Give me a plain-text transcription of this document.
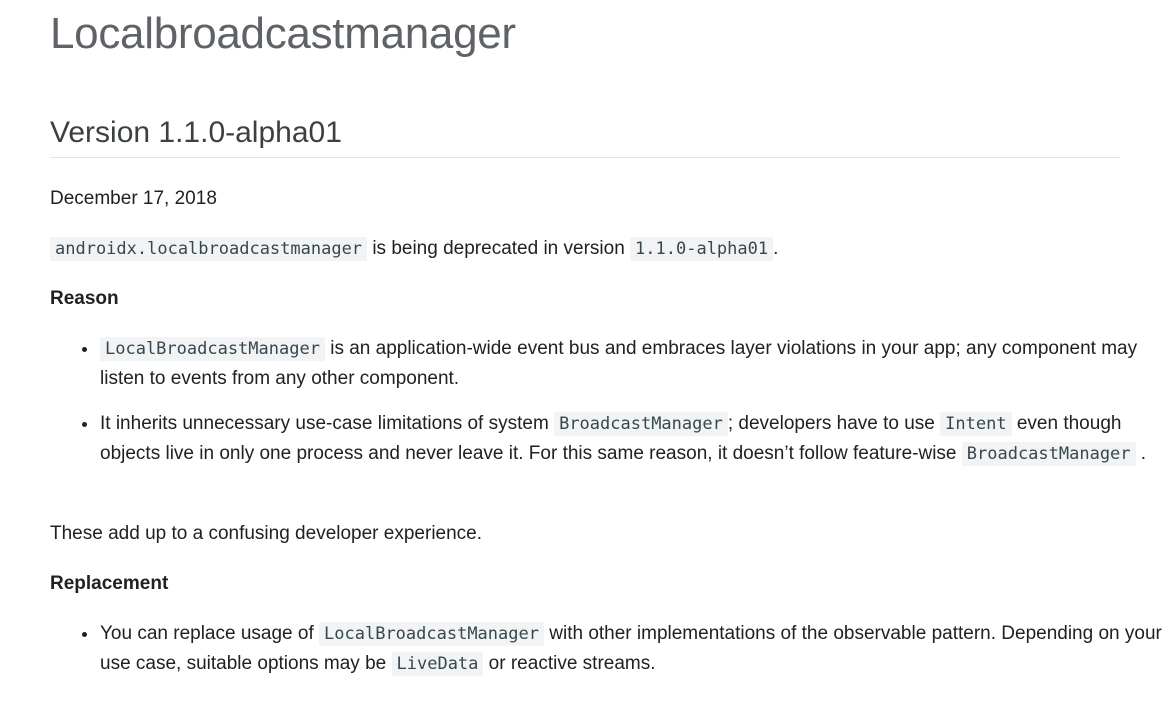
Localbroadcastmanager
Version 1.1.0-alpha01

December 17, 2018

androidx.localbroadcastmanager is being deprecated in version 1.1.0-alpha01 .

Reason

LocalBroadcastManager is an application-wide event bus and embraces layer violations in your app; any component may listen to events from any other component.
It inherits unnecessary use-case limitations of system BroadcastManager ; developers have to use Intent even though objects live in only one process and never leave it. For this same reason, it doesn’t follow feature-wise BroadcastManager .

These add up to a confusing developer experience.

Replacement

You can replace usage of LocalBroadcastManager with other implementations of the observable pattern. Depending on your use case, suitable options may be LiveData or reactive streams.
